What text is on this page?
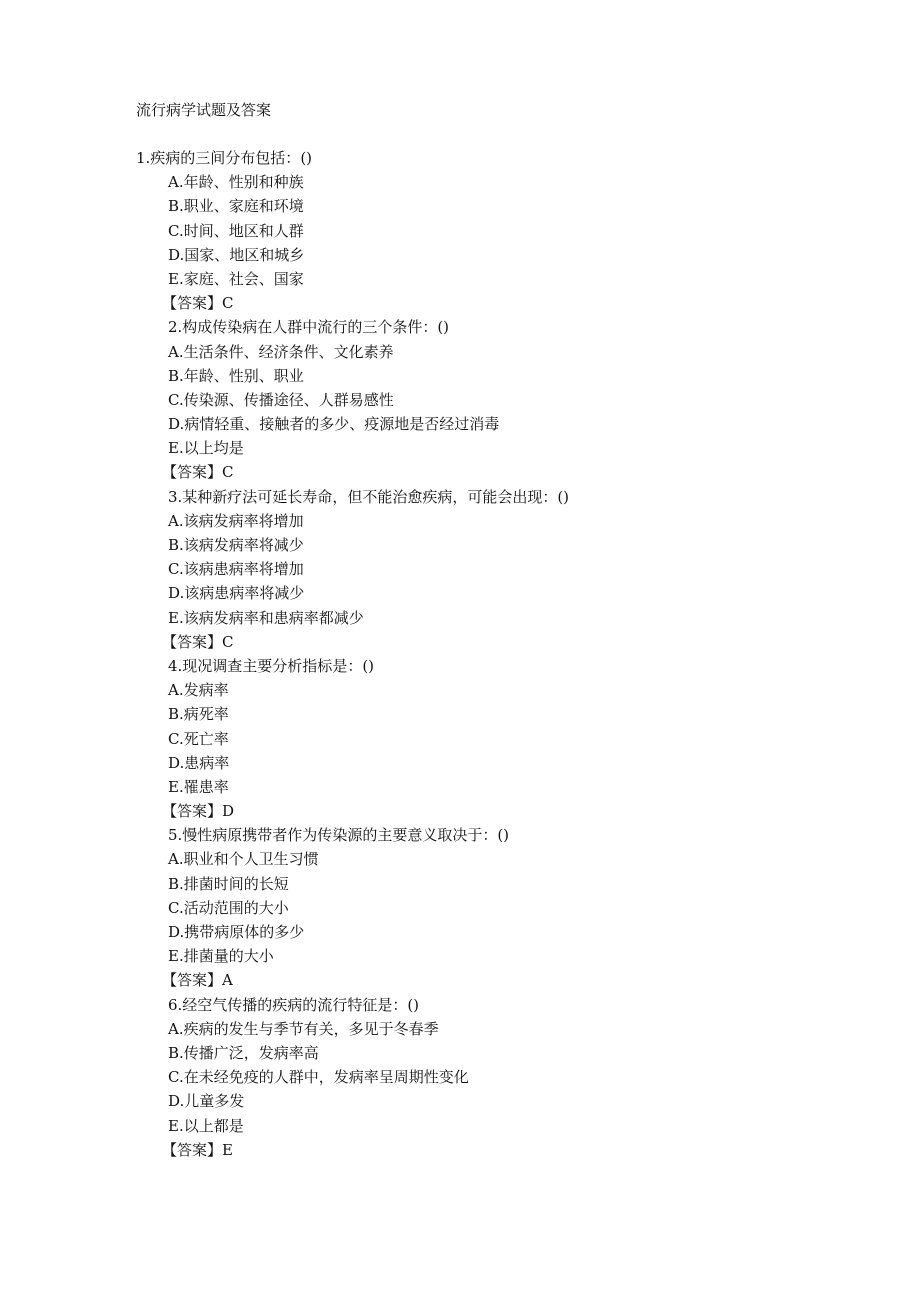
流行病学试题及答案
1.疾病的三间分布包括：()
A.年龄、性别和种族
B.职业、家庭和环境
C.时间、地区和人群
D.国家、地区和城乡
E.家庭、社会、国家
【答案】C
2.构成传染病在人群中流行的三个条件：()
A.生活条件、经济条件、文化素养
B.年龄、性别、职业
C.传染源、传播途径、人群易感性
D.病情轻重、接触者的多少、疫源地是否经过消毒
E.以上均是
【答案】C
3.某种新疗法可延长寿命，但不能治愈疾病，可能会出现：()
A.该病发病率将增加
B.该病发病率将减少
C.该病患病率将增加
D.该病患病率将减少
E.该病发病率和患病率都减少
【答案】C
4.现况调查主要分析指标是：()
A.发病率
B.病死率
C.死亡率
D.患病率
E.罹患率
【答案】D
5.慢性病原携带者作为传染源的主要意义取决于：()
A.职业和个人卫生习惯
B.排菌时间的长短
C.活动范围的大小
D.携带病原体的多少
E.排菌量的大小
【答案】A
6.经空气传播的疾病的流行特征是：()
A.疾病的发生与季节有关，多见于冬春季
B.传播广泛，发病率高
C.在未经免疫的人群中，发病率呈周期性变化
D.儿童多发
E.以上都是
【答案】E
